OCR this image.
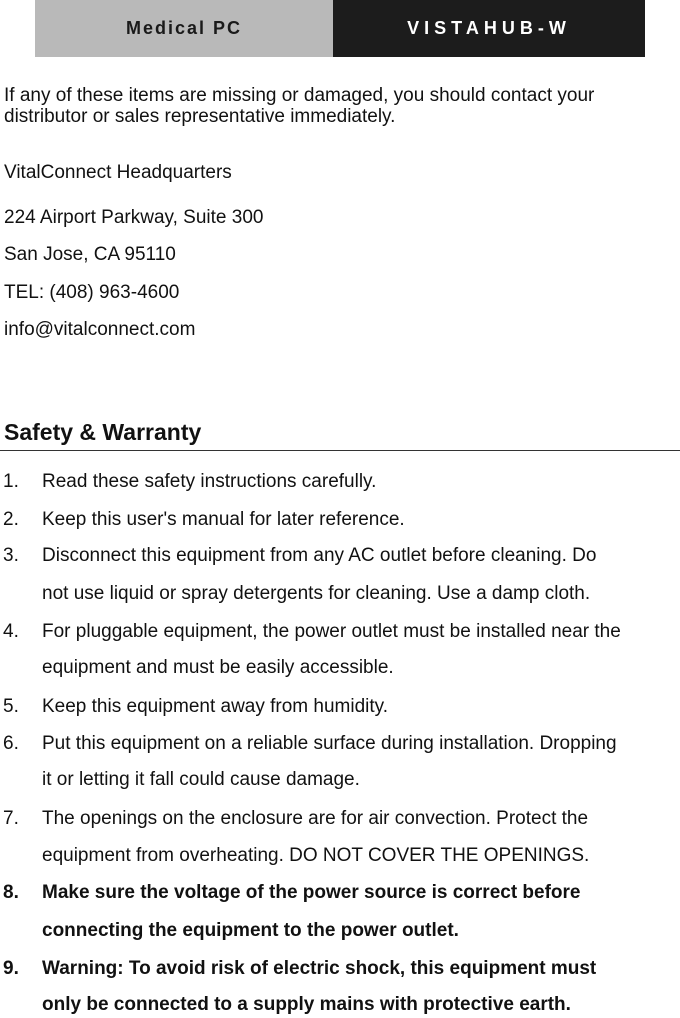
Medical PC	VISTAHUB-W
If any of these items are missing or damaged, you should contact your
distributor or sales representative immediately.
VitalConnect Headquarters
224 Airport Parkway, Suite 300
San Jose, CA 95110
TEL: (408) 963-4600
info@vitalconnect.com
Safety & Warranty
1. Read these safety instructions carefully.
2. Keep this user's manual for later reference.
3. Disconnect this equipment from any AC outlet before cleaning. Do
not use liquid or spray detergents for cleaning. Use a damp cloth.
4. For pluggable equipment, the power outlet must be installed near the
equipment and must be easily accessible.
5. Keep this equipment away from humidity.
6. Put this equipment on a reliable surface during installation. Dropping
it or letting it fall could cause damage.
7. The openings on the enclosure are for air convection. Protect the
equipment from overheating. DO NOT COVER THE OPENINGS.
8. Make sure the voltage of the power source is correct before
connecting the equipment to the power outlet.
9. Warning: To avoid risk of electric shock, this equipment must
only be connected to a supply mains with protective earth.
